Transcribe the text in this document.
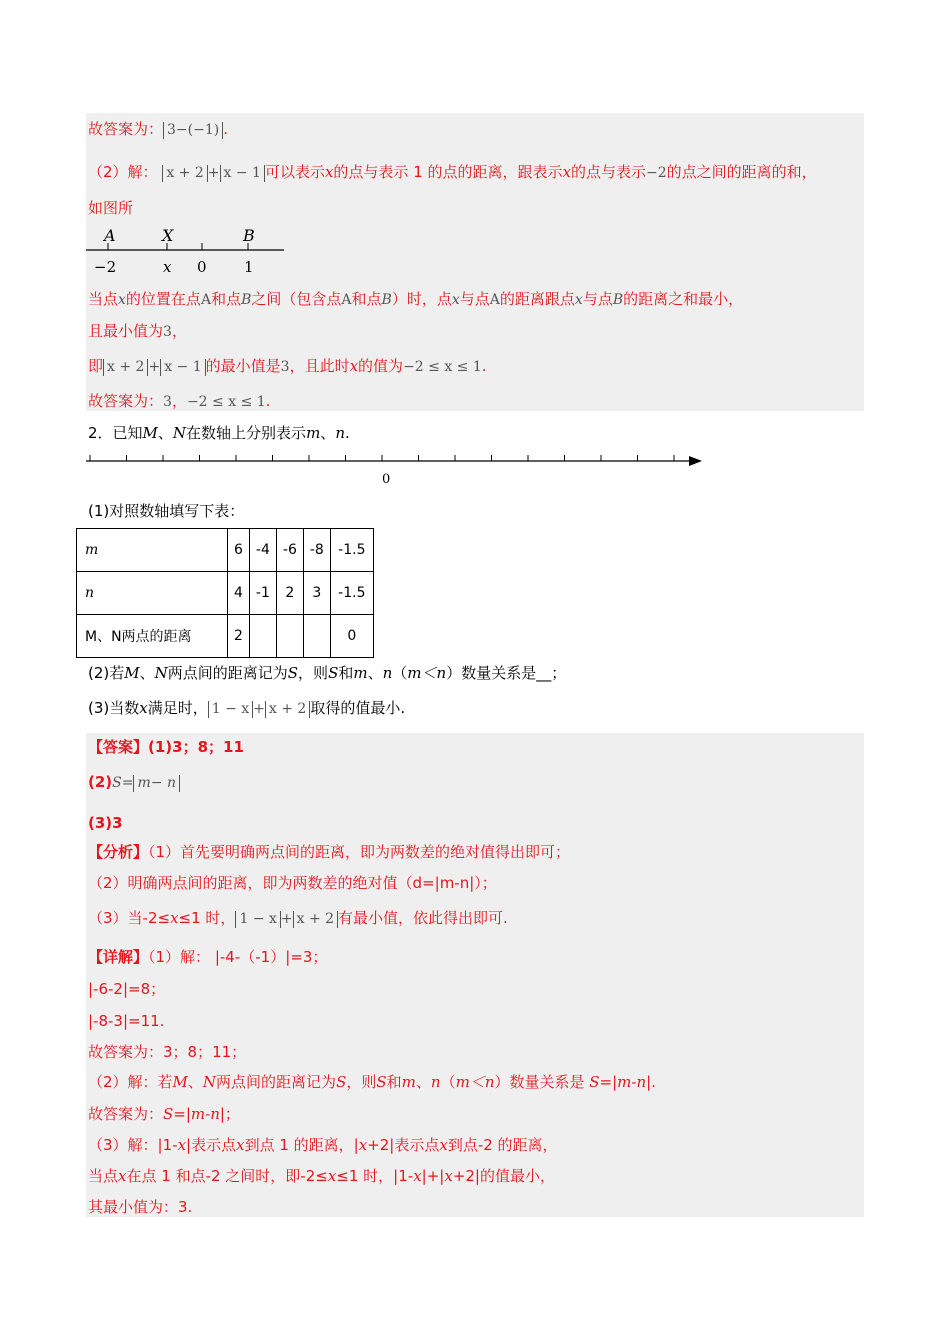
故答案为： 3−(−1) .
（2）解： x + 2 + x − 1 可以表示x的点与表示 1 的点的距离，跟表示x的点与表示−2的点之间的距离的和，
如图所
A	X	B
−2	x 0 1
当点x的位置在点A和点B之间（包含点A和点B）时，点x与点A的距离跟点x与点B的距离之和最小，
且最小值为3，
即 x + 2 + x − 1 的最小值是3，且此时x的值为−2 ≤ x ≤ 1.
故答案为：3，−2 ≤ x ≤ 1.
2．已知M、N在数轴上分别表示m、n.
0
(1)对照数轴填写下表：
m	6	-4	-6	-8	-1.5
n	4	-1	2	3	-1.5
M、N两点的距离	2				0
(2)若M、N两点间的距离记为S，则S和m、n（m＜n）数量关系是__；
(3)当数x满足时， 1 − x + x + 2 取得的值最小.
【答案】(1)3；8；11
(2)S= m− n
(3)3
【分析】（1）首先要明确两点间的距离，即为两数差的绝对值得出即可；
（2）明确两点间的距离，即为两数差的绝对值（d=|m-n|）；
（3）当-2≤x≤1 时， 1 − x + x + 2 有最小值，依此得出即可.
【详解】（1）解： |-4-（-1）|=3；
|-6-2|=8；
|-8-3|=11.
故答案为：3；8；11；
（2）解：若M、N两点间的距离记为S，则S和m、n（m＜n）数量关系是 S=|m-n|.
故答案为：S=|m-n|；
（3）解：|1-x|表示点x到点 1 的距离，|x+2|表示点x到点-2 的距离，
当点x在点 1 和点-2 之间时，即-2≤x≤1 时，|1-x|+|x+2|的值最小，
其最小值为：3.
